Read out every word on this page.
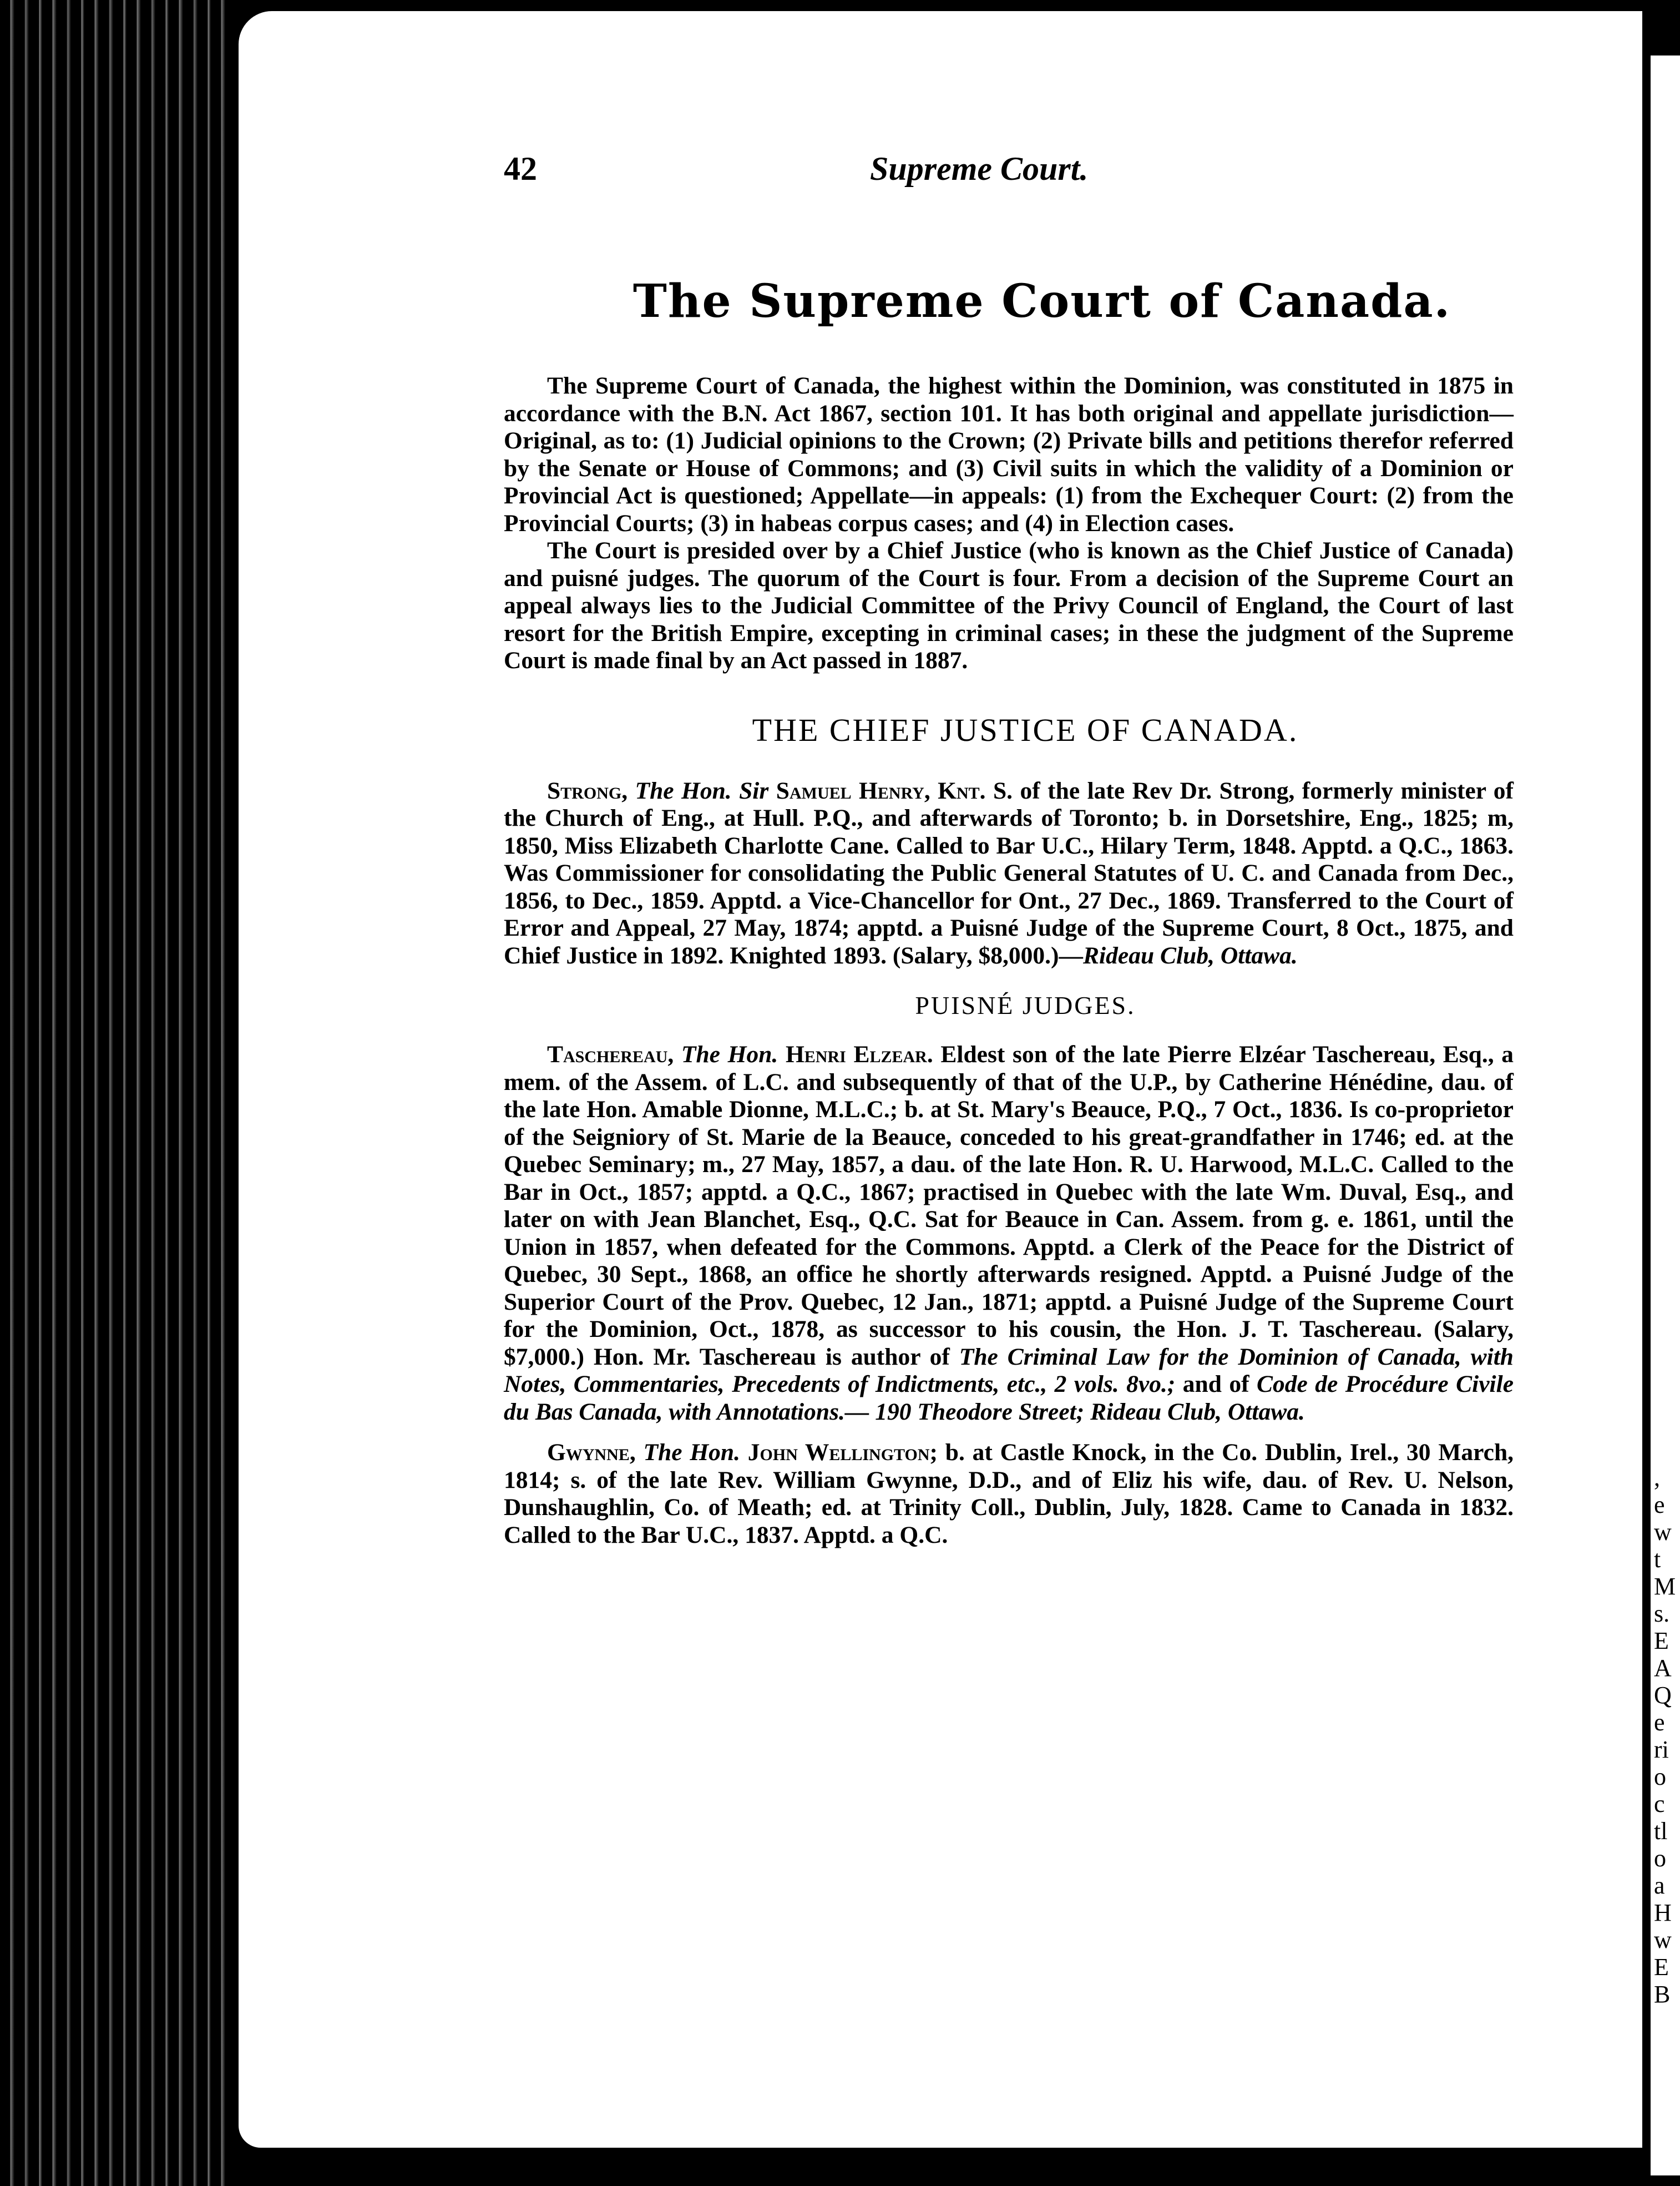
,
e
w
t
M
s.
E
A
Q
e
ri
o
c
tl
o
a
H
w
E
B
42	Supreme Court.
The Supreme Court of Canada.

The Supreme Court of Canada, the highest within the Dominion, was constituted in 1875 in accordance with the B.N. Act 1867, section 101. It has both original and appellate jurisdiction—Original, as to: (1) Judicial opinions to the Crown; (2) Private bills and petitions therefor referred by the Senate or House of Commons; and (3) Civil suits in which the validity of a Dominion or Provincial Act is questioned; Appellate—in appeals: (1) from the Exchequer Court: (2) from the Provincial Courts; (3) in habeas corpus cases; and (4) in Election cases.

The Court is presided over by a Chief Justice (who is known as the Chief Justice of Canada) and puisné judges. The quorum of the Court is four. From a decision of the Supreme Court an appeal always lies to the Judicial Committee of the Privy Council of England, the Court of last resort for the British Empire, excepting in criminal cases; in these the judgment of the Supreme Court is made final by an Act passed in 1887.

THE CHIEF JUSTICE OF CANADA.

Strong, The Hon. Sir Samuel Henry, Knt. S. of the late Rev Dr. Strong, formerly minister of the Church of Eng., at Hull. P.Q., and afterwards of Toronto; b. in Dorsetshire, Eng., 1825; m, 1850, Miss Elizabeth Charlotte Cane. Called to Bar U.C., Hilary Term, 1848. Apptd. a Q.C., 1863. Was Commissioner for consolidating the Public General Statutes of U. C. and Canada from Dec., 1856, to Dec., 1859. Apptd. a Vice-Chancellor for Ont., 27 Dec., 1869. Transferred to the Court of Error and Appeal, 27 May, 1874; apptd. a Puisné Judge of the Supreme Court, 8 Oct., 1875, and Chief Justice in 1892. Knighted 1893. (Salary, $8,000.)—Rideau Club, Ottawa.

PUISNÉ JUDGES.

Taschereau, The Hon. Henri Elzear. Eldest son of the late Pierre Elzéar Taschereau, Esq., a mem. of the Assem. of L.C. and subsequently of that of the U.P., by Catherine Hénédine, dau. of the late Hon. Amable Dionne, M.L.C.; b. at St. Mary's Beauce, P.Q., 7 Oct., 1836. Is co-proprietor of the Seigniory of St. Marie de la Beauce, conceded to his great-grandfather in 1746; ed. at the Quebec Seminary; m., 27 May, 1857, a dau. of the late Hon. R. U. Harwood, M.L.C. Called to the Bar in Oct., 1857; apptd. a Q.C., 1867; practised in Quebec with the late Wm. Duval, Esq., and later on with Jean Blanchet, Esq., Q.C. Sat for Beauce in Can. Assem. from g. e. 1861, until the Union in 1857, when defeated for the Commons. Apptd. a Clerk of the Peace for the District of Quebec, 30 Sept., 1868, an office he shortly afterwards resigned. Apptd. a Puisné Judge of the Superior Court of the Prov. Quebec, 12 Jan., 1871; apptd. a Puisné Judge of the Supreme Court for the Dominion, Oct., 1878, as successor to his cousin, the Hon. J. T. Taschereau. (Salary, $7,000.) Hon. Mr. Taschereau is author of The Criminal Law for the Dominion of Canada, with Notes, Commentaries, Precedents of Indictments, etc., 2 vols. 8vo.; and of Code de Procédure Civile du Bas Canada, with Annotations.— 190 Theodore Street; Rideau Club, Ottawa.

Gwynne, The Hon. John Wellington; b. at Castle Knock, in the Co. Dublin, Irel., 30 March, 1814; s. of the late Rev. William Gwynne, D.D., and of Eliz his wife, dau. of Rev. U. Nelson, Dunshaughlin, Co. of Meath; ed. at Trinity Coll., Dublin, July, 1828. Came to Canada in 1832. Called to the Bar U.C., 1837. Apptd. a Q.C.
